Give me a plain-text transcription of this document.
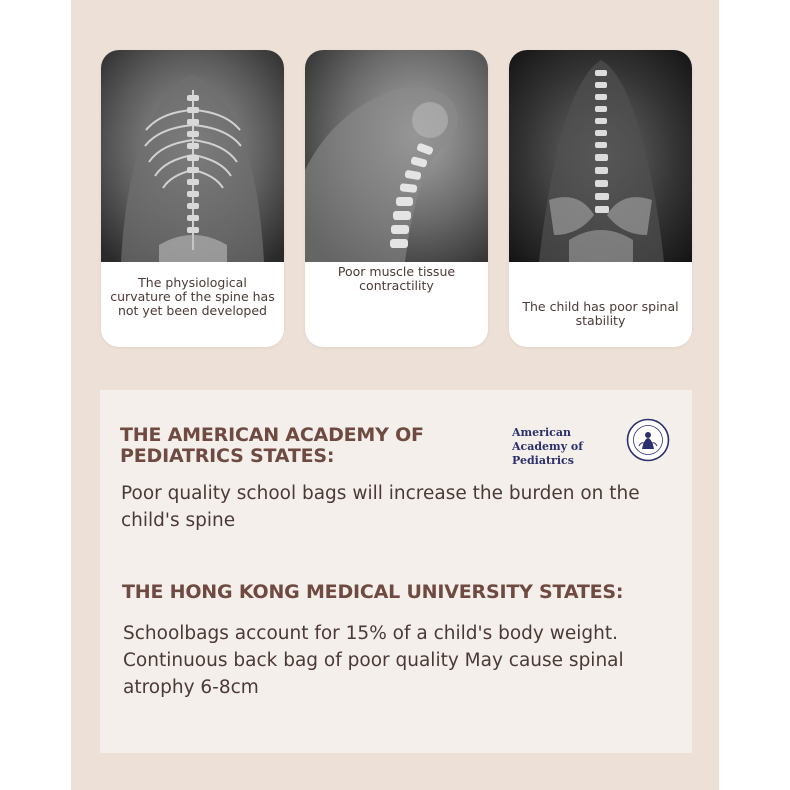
The physiological curvature of the spine has not yet been developed
Poor muscle tissue contractility
The child has poor spinal stability
THE AMERICAN ACADEMY OF PEDIATRICS STATES:
American Academy of Pediatrics
Poor quality school bags will increase the burden on the child's spine
THE HONG KONG MEDICAL UNIVERSITY STATES:
Schoolbags account for 15% of a child's body weight. Continuous back bag of poor quality May cause spinal atrophy 6-8cm
